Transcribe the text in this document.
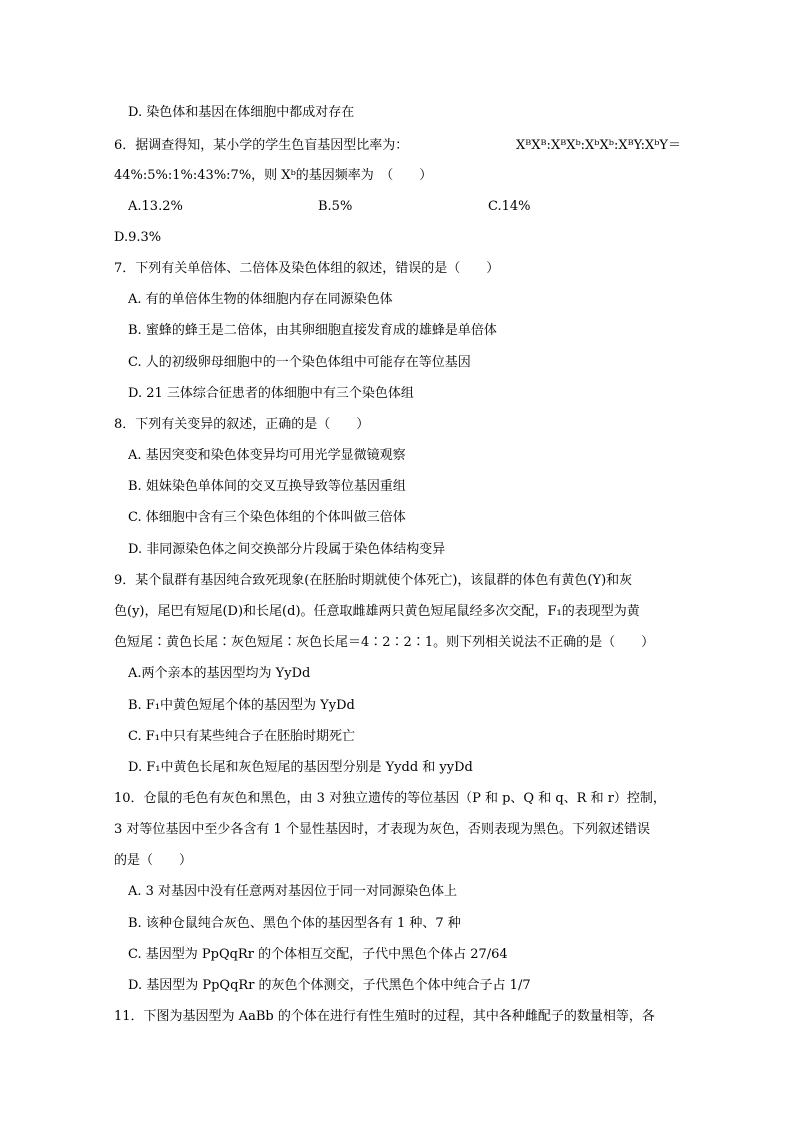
D. 染色体和基因在体细胞中都成对存在
6．据调查得知，某小学的学生色盲基因型比率为：	XᴮXᴮ:XᴮXᵇ:XᵇXᵇ:XᴮY:XᵇY＝
44%:5%:1%:43%:7%，则 Xᵇ的基因频率为　（　　）
A.13.2%	B.5%	C.14%
D.9.3%
7．下列有关单倍体、二倍体及染色体组的叙述，错误的是（　　）
A. 有的单倍体生物的体细胞内存在同源染色体
B. 蜜蜂的蜂王是二倍体，由其卵细胞直接发育成的雄蜂是单倍体
C. 人的初级卵母细胞中的一个染色体组中可能存在等位基因
D. 21 三体综合征患者的体细胞中有三个染色体组
8．下列有关变异的叙述，正确的是（　　）
A. 基因突变和染色体变异均可用光学显微镜观察
B. 姐妹染色单体间的交叉互换导致等位基因重组
C. 体细胞中含有三个染色体组的个体叫做三倍体
D. 非同源染色体之间交换部分片段属于染色体结构变异
9．某个鼠群有基因纯合致死现象(在胚胎时期就使个体死亡)，该鼠群的体色有黄色(Y)和灰
色(y)，尾巴有短尾(D)和长尾(d)。任意取雌雄两只黄色短尾鼠经多次交配，F₁的表现型为黄
色短尾∶黄色长尾∶灰色短尾∶灰色长尾＝4∶2∶2∶1。则下列相关说法不正确的是（　　）
A.两个亲本的基因型均为 YyDd
B. F₁中黄色短尾个体的基因型为 YyDd
C. F₁中只有某些纯合子在胚胎时期死亡
D. F₁中黄色长尾和灰色短尾的基因型分别是 Yydd 和 yyDd
10．仓鼠的毛色有灰色和黑色，由 3 对独立遗传的等位基因（P 和 p、Q 和 q、R 和 r）控制，
3 对等位基因中至少各含有 1 个显性基因时，才表现为灰色，否则表现为黑色。下列叙述错误
的是（　　）
A. 3 对基因中没有任意两对基因位于同一对同源染色体上
B. 该种仓鼠纯合灰色、黑色个体的基因型各有 1 种、7 种
C. 基因型为 PpQqRr 的个体相互交配，子代中黑色个体占 27/64
D. 基因型为 PpQqRr 的灰色个体测交，子代黑色个体中纯合子占 1/7
11．下图为基因型为 AaBb 的个体在进行有性生殖时的过程，其中各种雌配子的数量相等，各
